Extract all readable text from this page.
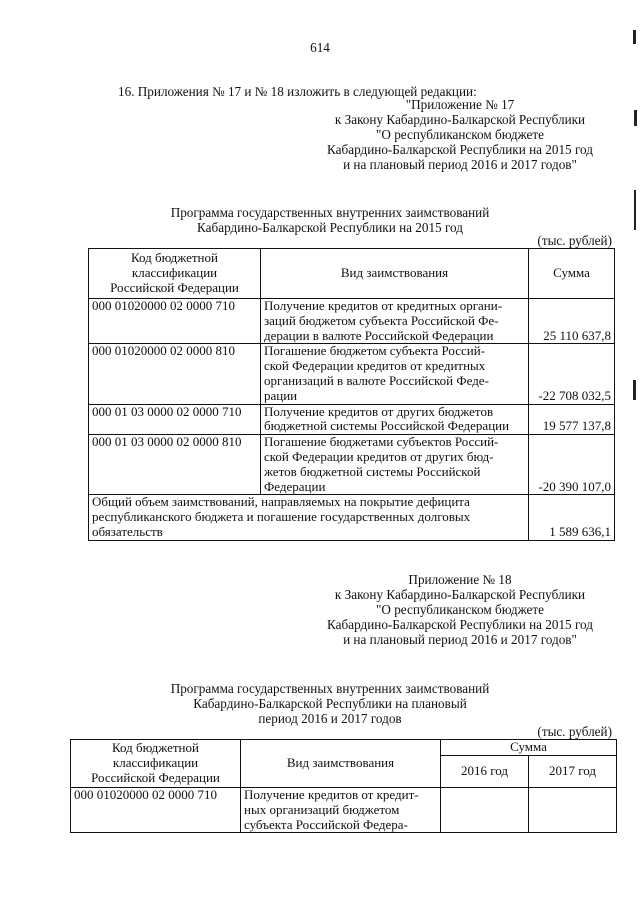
614
16. Приложения № 17 и № 18 изложить в следующей редакции:
"Приложение № 17
к Закону Кабардино-Балкарской Республики
"О республиканском бюджете
Кабардино-Балкарской Республики на 2015 год
и на плановый период 2016 и 2017 годов"
Программа государственных внутренних заимствований
Кабардино-Балкарской Республики на 2015 год
(тыс. рублей)
Код бюджетной
классификации
Российской Федерации	Вид заимствования	Сумма
000 01020000 02 0000 710	Получение кредитов от кредитных органи-
заций бюджетом субъекта Российской Фе-
дерации в валюте Российской Федерации	25 110 637,8
000 01020000 02 0000 810	Погашение бюджетом субъекта Россий-
ской Федерации кредитов от кредитных
организаций в валюте Российской Феде-
рации	-22 708 032,5
000 01 03 0000 02 0000 710	Получение кредитов от других бюджетов
бюджетной системы Российской Федерации	19 577 137,8
000 01 03 0000 02 0000 810	Погашение бюджетами субъектов Россий-
ской Федерации кредитов от других бюд-
жетов бюджетной системы Российской
Федерации	-20 390 107,0

Общий объем заимствований, направляемых на покрытие дефицита
республиканского бюджета и погашение государственных долговых
обязательств		1 589 636,1
Приложение № 18
к Закону Кабардино-Балкарской Республики
"О республиканском бюджете
Кабардино-Балкарской Республики на 2015 год
и на плановый период 2016 и 2017 годов"
Программа государственных внутренних заимствований
Кабардино-Балкарской Республики на плановый
период 2016 и 2017 годов
(тыс. рублей)
Код бюджетной
классификации
Российской Федерации	Вид заимствования	Сумма	
		2016 год	2017 год
000 01020000 02 0000 710	Получение кредитов от кредит-
ных организаций бюджетом
субъекта Российской Федера-		
